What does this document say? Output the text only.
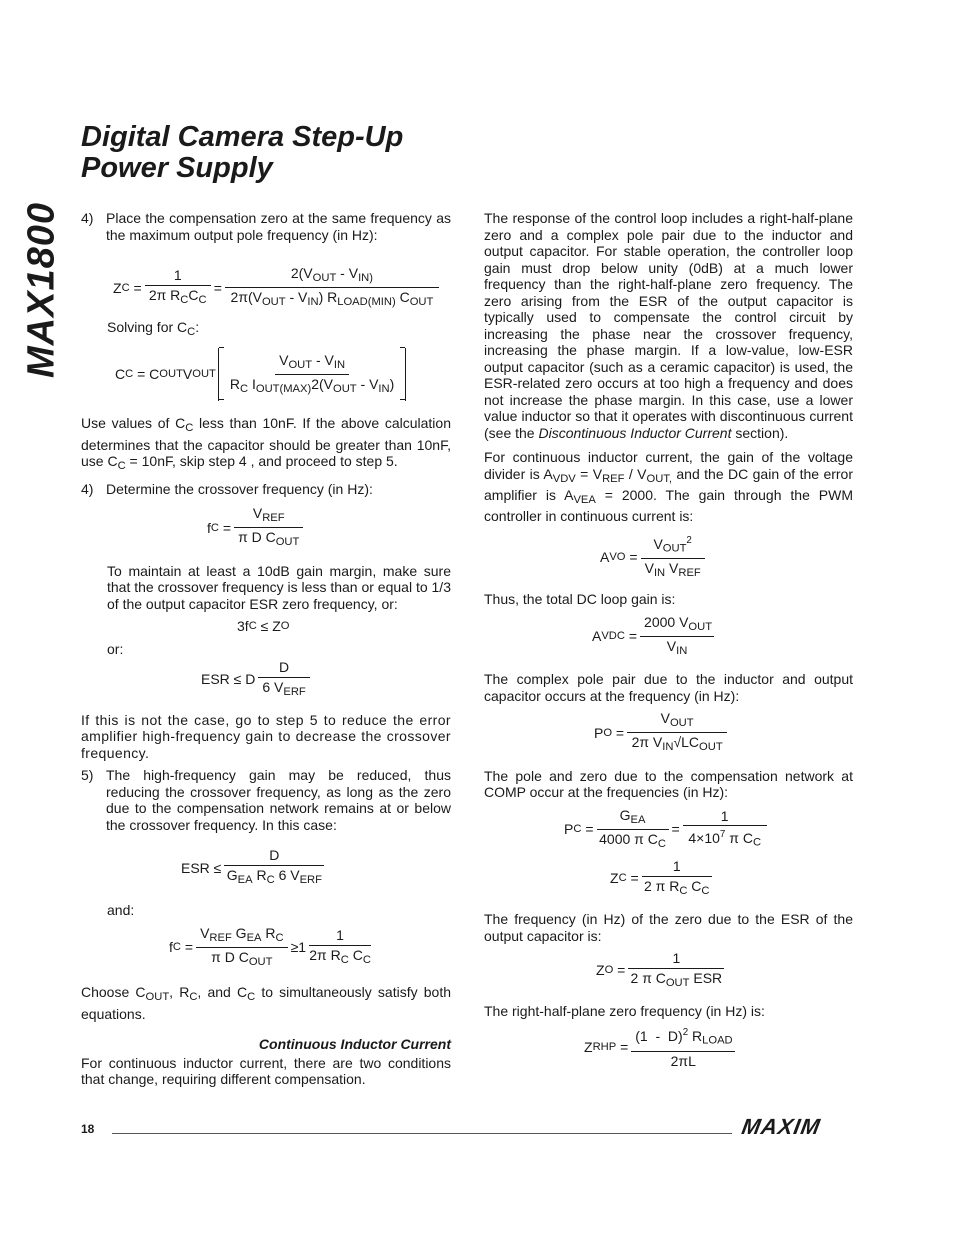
MAX1800
Digital Camera Step-Up
Power Supply
4) Place the compensation zero at the same frequency as the maximum output pole frequency (in Hz):
Z $C = \frac{1}{2\pi R_CC_C} = \frac{2(V_{OUT} - V_{IN)}}{2\pi(V_{OUT} - V_{IN}) R_{LOAD(MIN)} C_{OUT}}$

Solving for $C_C$:

C C = C OUT V OUT $\frac{V_{OUT} - V_{IN}}{R_C I_{OUT(MAX)}2(V_{OUT} - V_{IN})}$

Use values of $C_C$ less than 10nF. If the above calculation determines that the capacitor should be greater than 10nF, use $C_C = 10nF$, skip step 4 , and proceed to step 5.

4) Determine the crossover frequency (in Hz):
f $C = \frac{V_{REF}}{\pi D C_{OUT}}$

To maintain at least a 10dB gain margin, make sure that the crossover frequency is less than or equal to 1/3 of the output capacitor ESR zero frequency, or:

3f C ≤ Z O

or:

ESR ≤ D $\frac{D}{6 V_{ERF}}$

If this is not the case, go to step 5 to reduce the error amplifier high-frequency gain to decrease the crossover frequency.

5) The high-frequency gain may be reduced, thus reducing the crossover frequency, as long as the zero due to the compensation network remains at or below the crossover frequency. In this case:
ESR ≤ $\frac{D}{G_{EA} R_C 6 V_{ERF}}$

and:

f $C = \frac{V_{REF} G_{EA} R_C}{\pi D C_{OUT}} \ge 1 \frac{1}{2\pi R_C C_C}$

Choose $C_{OUT}$, $R_C$, and $C_C$ to simultaneously satisfy both equations.

Continuous Inductor Current

For continuous inductor current, there are two conditions that change, requiring different compensation.

The response of the control loop includes a right-half-plane zero and a complex pole pair due to the inductor and output capacitor. For stable operation, the controller loop gain must drop below unity (0dB) at a much lower frequency than the right-half-plane zero frequency. The zero arising from the ESR of the output capacitor is typically used to compensate the control circuit by increasing the phase near the crossover frequency, increasing the phase margin. If a low-value, low-ESR output capacitor (such as a ceramic capacitor) is used, the ESR-related zero occurs at too high a frequency and does not increase the phase margin. In this case, use a lower value inductor so that it operates with discontinuous current (see the Discontinuous Inductor Current section).

For continuous inductor current, the gain of the voltage divider is $A_{VDV} = V_{REF} / V_{OUT,}$ and the DC gain of the error amplifier is $A_{VEA} = 2000$. The gain through the PWM controller in continuous current is:

A VO = $\frac{V_{OUT}^2}{V_{IN} V_{REF}}$

Thus, the total DC loop gain is:

A VDC = $\frac{2000 V_{OUT}}{V_{IN}}$

The complex pole pair due to the inductor and output capacitor occurs at the frequency (in Hz):

P $O = \frac{V_{OUT}}{2\pi V_{IN}√LC_{OUT}}$

The pole and zero due to the compensation network at COMP occur at the frequencies (in Hz):

P $C = \frac{G_{EA}}{4000 \pi C_C} = \frac{1}{4\times 10^7 \pi C_C}$
Z $C = \frac{1}{2 \pi R_C C_C}$

The frequency (in Hz) of the zero due to the ESR of the output capacitor is:

Z $O = \frac{1}{2 \pi C_{OUT} ESR}$

The right-half-plane zero frequency (in Hz) is:

Z RHP = $\frac{(1 - D)^2 R_{LOAD}}{2\pi L}$
18	MAXIM
